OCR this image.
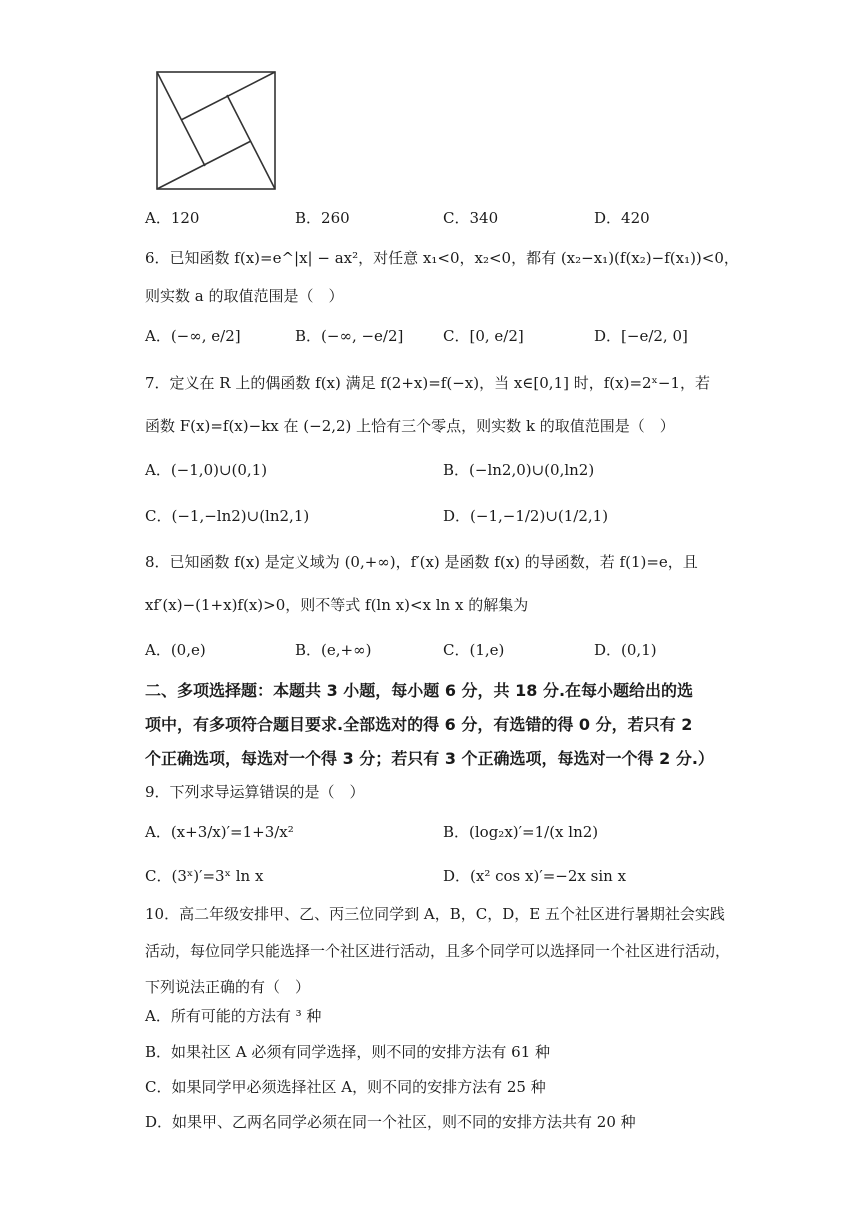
A．120	B．260	C．340	D．420
6．已知函数 f(x)=e^|x| − ax²，对任意 x₁<0，x₂<0，都有 (x₂−x₁)(f(x₂)−f(x₁))<0，
则实数 a 的取值范围是（　）
A．(−∞, e/2]	B．(−∞, −e/2]	C．[0, e/2]	D．[−e/2, 0]
7．定义在 R 上的偶函数 f(x) 满足 f(2+x)=f(−x)，当 x∈[0,1] 时，f(x)=2ˣ−1，若
函数 F(x)=f(x)−kx 在 (−2,2) 上恰有三个零点，则实数 k 的取值范围是（　）
A．(−1,0)∪(0,1)	B．(−ln2,0)∪(0,ln2)
C．(−1,−ln2)∪(ln2,1)	D．(−1,−1/2)∪(1/2,1)
8．已知函数 f(x) 是定义域为 (0,+∞)，f′(x) 是函数 f(x) 的导函数，若 f(1)=e，且
xf′(x)−(1+x)f(x)>0，则不等式 f(ln x)<x ln x 的解集为
A．(0,e)	B．(e,+∞)	C．(1,e)	D．(0,1)
二、多项选择题：本题共 3 小题，每小题 6 分，共 18 分.在每小题给出的选
项中，有多项符合题目要求.全部选对的得 6 分，有选错的得 0 分，若只有 2
个正确选项，每选对一个得 3 分；若只有 3 个正确选项，每选对一个得 2 分.）
9．下列求导运算错误的是（　）
A．(x+3/x)′=1+3/x²	B．(log₂x)′=1/(x ln2)
C．(3ˣ)′=3ˣ ln x	D．(x² cos x)′=−2x sin x
10．高二年级安排甲、乙、丙三位同学到 A，B，C，D，E 五个社区进行暑期社会实践
活动，每位同学只能选择一个社区进行活动，且多个同学可以选择同一个社区进行活动，
下列说法正确的有（　）
A．所有可能的方法有 ³ 种
B．如果社区 A 必须有同学选择，则不同的安排方法有 61 种
C．如果同学甲必须选择社区 A，则不同的安排方法有 25 种
D．如果甲、乙两名同学必须在同一个社区，则不同的安排方法共有 20 种
